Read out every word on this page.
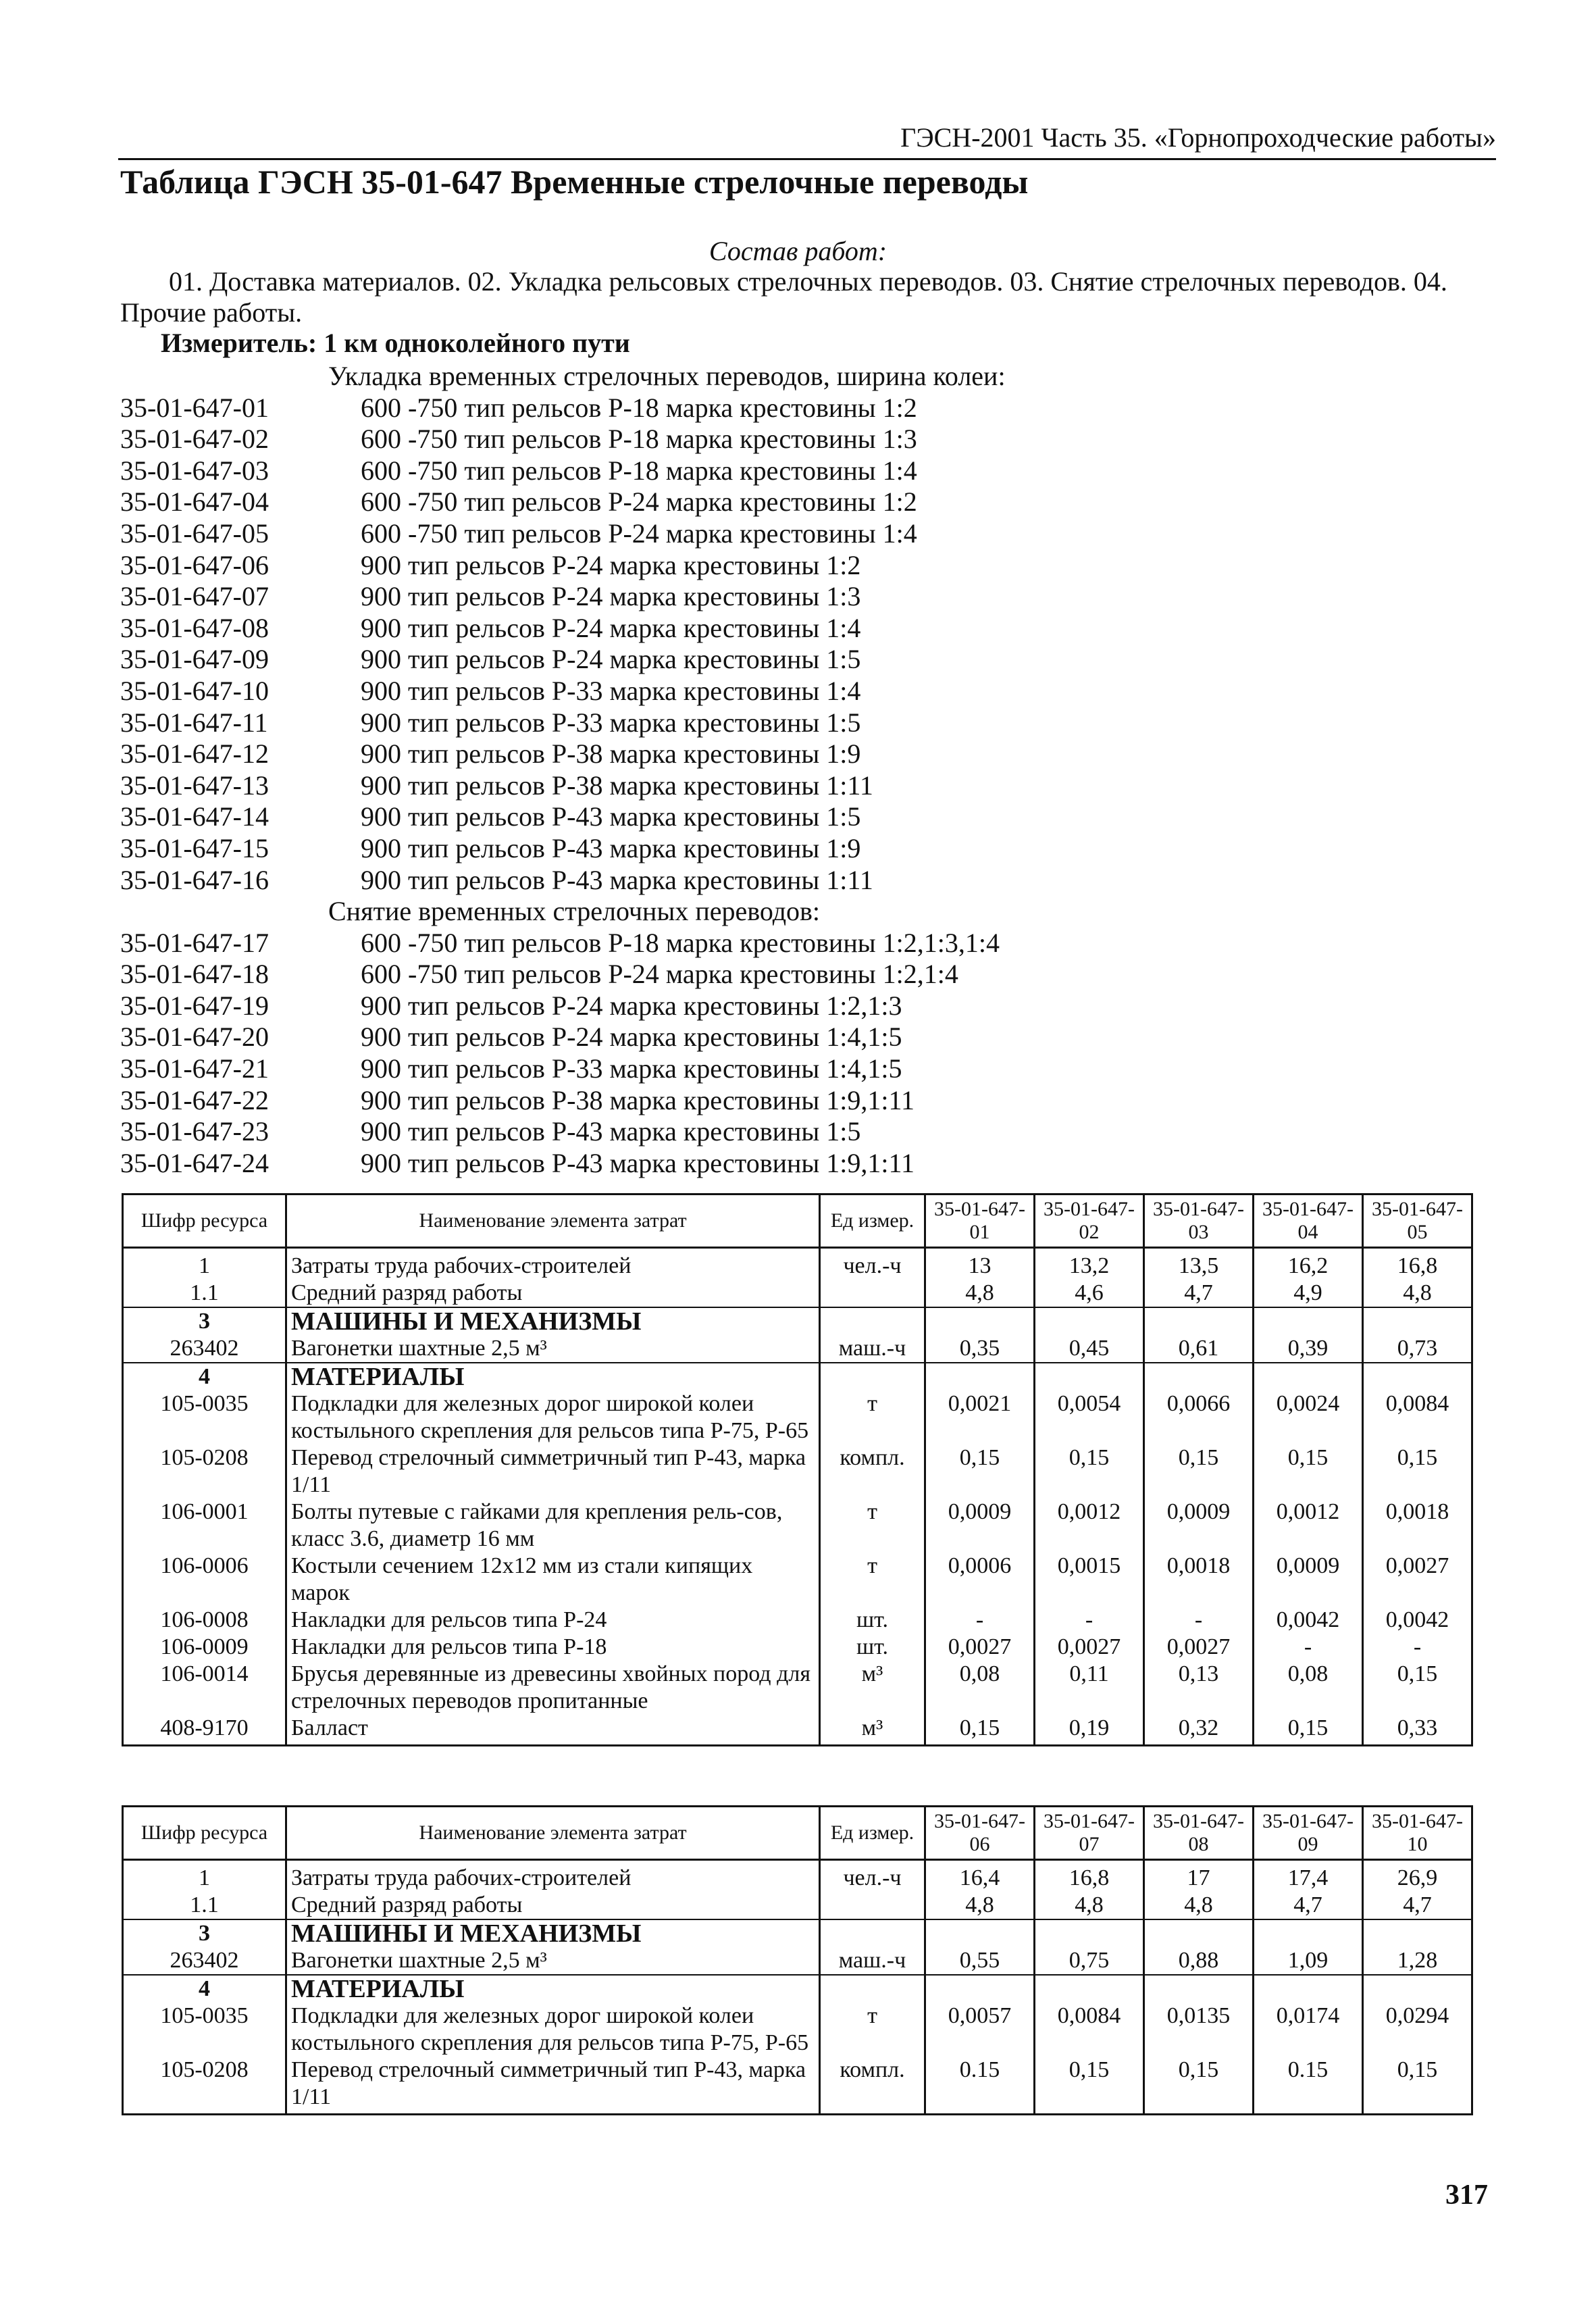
ГЭСН-2001 Часть 35. «Горнопроходческие работы»
Таблица ГЭСН 35-01-647 Временные стрелочные переводы
Состав работ:
01. Доставка материалов. 02. Укладка рельсовых стрелочных переводов. 03. Снятие стрелочных переводов. 04. Прочие работы.
Измеритель: 1 км одноколейного пути
Укладка временных стрелочных переводов, ширина колеи:
35-01-647-01	600 -750 тип рельсов Р-18 марка крестовины 1:2
35-01-647-02	600 -750 тип рельсов Р-18 марка крестовины 1:3
35-01-647-03	600 -750 тип рельсов Р-18 марка крестовины 1:4
35-01-647-04	600 -750 тип рельсов Р-24 марка крестовины 1:2
35-01-647-05	600 -750 тип рельсов Р-24 марка крестовины 1:4
35-01-647-06	900 тип рельсов Р-24 марка крестовины 1:2
35-01-647-07	900 тип рельсов Р-24 марка крестовины 1:3
35-01-647-08	900 тип рельсов Р-24 марка крестовины 1:4
35-01-647-09	900 тип рельсов Р-24 марка крестовины 1:5
35-01-647-10	900 тип рельсов Р-33 марка крестовины 1:4
35-01-647-11	900 тип рельсов Р-33 марка крестовины 1:5
35-01-647-12	900 тип рельсов Р-38 марка крестовины 1:9
35-01-647-13	900 тип рельсов Р-38 марка крестовины 1:11
35-01-647-14	900 тип рельсов Р-43 марка крестовины 1:5
35-01-647-15	900 тип рельсов Р-43 марка крестовины 1:9
35-01-647-16	900 тип рельсов Р-43 марка крестовины 1:11
Снятие временных стрелочных переводов:
35-01-647-17	600 -750 тип рельсов Р-18 марка крестовины 1:2,1:3,1:4
35-01-647-18	600 -750 тип рельсов Р-24 марка крестовины 1:2,1:4
35-01-647-19	900 тип рельсов Р-24 марка крестовины 1:2,1:3
35-01-647-20	900 тип рельсов Р-24 марка крестовины 1:4,1:5
35-01-647-21	900 тип рельсов Р-33 марка крестовины 1:4,1:5
35-01-647-22	900 тип рельсов Р-38 марка крестовины 1:9,1:11
35-01-647-23	900 тип рельсов Р-43 марка крестовины 1:5
35-01-647-24	900 тип рельсов Р-43 марка крестовины 1:9,1:11
Шифр ресурса	Наименование элемента затрат	Ед измер.	35-01-647-01	35-01-647-02	35-01-647-03	35-01-647-04	35-01-647-05
1	Затраты труда рабочих-строителей	чел.-ч	13	13,2	13,5	16,2	16,8
1.1	Средний разряд работы		4,8	4,6	4,7	4,9	4,8
3	МАШИНЫ И МЕХАНИЗМЫ						
263402	Вагонетки шахтные 2,5 м³	маш.-ч	0,35	0,45	0,61	0,39	0,73
4	МАТЕРИАЛЫ						
105-0035	Подкладки для железных дорог широкой колеи костыльного скрепления для рельсов типа Р-75, Р-65	т	0,0021	0,0054	0,0066	0,0024	0,0084
105-0208	Перевод стрелочный симметричный тип Р-43, марка 1/11	компл.	0,15	0,15	0,15	0,15	0,15
106-0001	Болты путевые с гайками для крепления рель-сов, класс 3.6, диаметр 16 мм	т	0,0009	0,0012	0,0009	0,0012	0,0018
106-0006	Костыли сечением 12x12 мм из стали кипящих марок	т	0,0006	0,0015	0,0018	0,0009	0,0027
106-0008	Накладки для рельсов типа Р-24	шт.	-	-	-	0,0042	0,0042
106-0009	Накладки для рельсов типа Р-18	шт.	0,0027	0,0027	0,0027	-	-
106-0014	Брусья деревянные из древесины хвойных пород для стрелочных переводов пропитанные	м³	0,08	0,11	0,13	0,08	0,15
408-9170	Балласт	м³	0,15	0,19	0,32	0,15	0,33
Шифр ресурса	Наименование элемента затрат	Ед измер.	35-01-647-06	35-01-647-07	35-01-647-08	35-01-647-09	35-01-647-10
1	Затраты труда рабочих-строителей	чел.-ч	16,4	16,8	17	17,4	26,9
1.1	Средний разряд работы		4,8	4,8	4,8	4,7	4,7
3	МАШИНЫ И МЕХАНИЗМЫ						
263402	Вагонетки шахтные 2,5 м³	маш.-ч	0,55	0,75	0,88	1,09	1,28
4	МАТЕРИАЛЫ						
105-0035	Подкладки для железных дорог широкой колеи костыльного скрепления для рельсов типа Р-75, Р-65	т	0,0057	0,0084	0,0135	0,0174	0,0294
105-0208	Перевод стрелочный симметричный тип Р-43, марка 1/11	компл.	0.15	0,15	0,15	0.15	0,15
317
